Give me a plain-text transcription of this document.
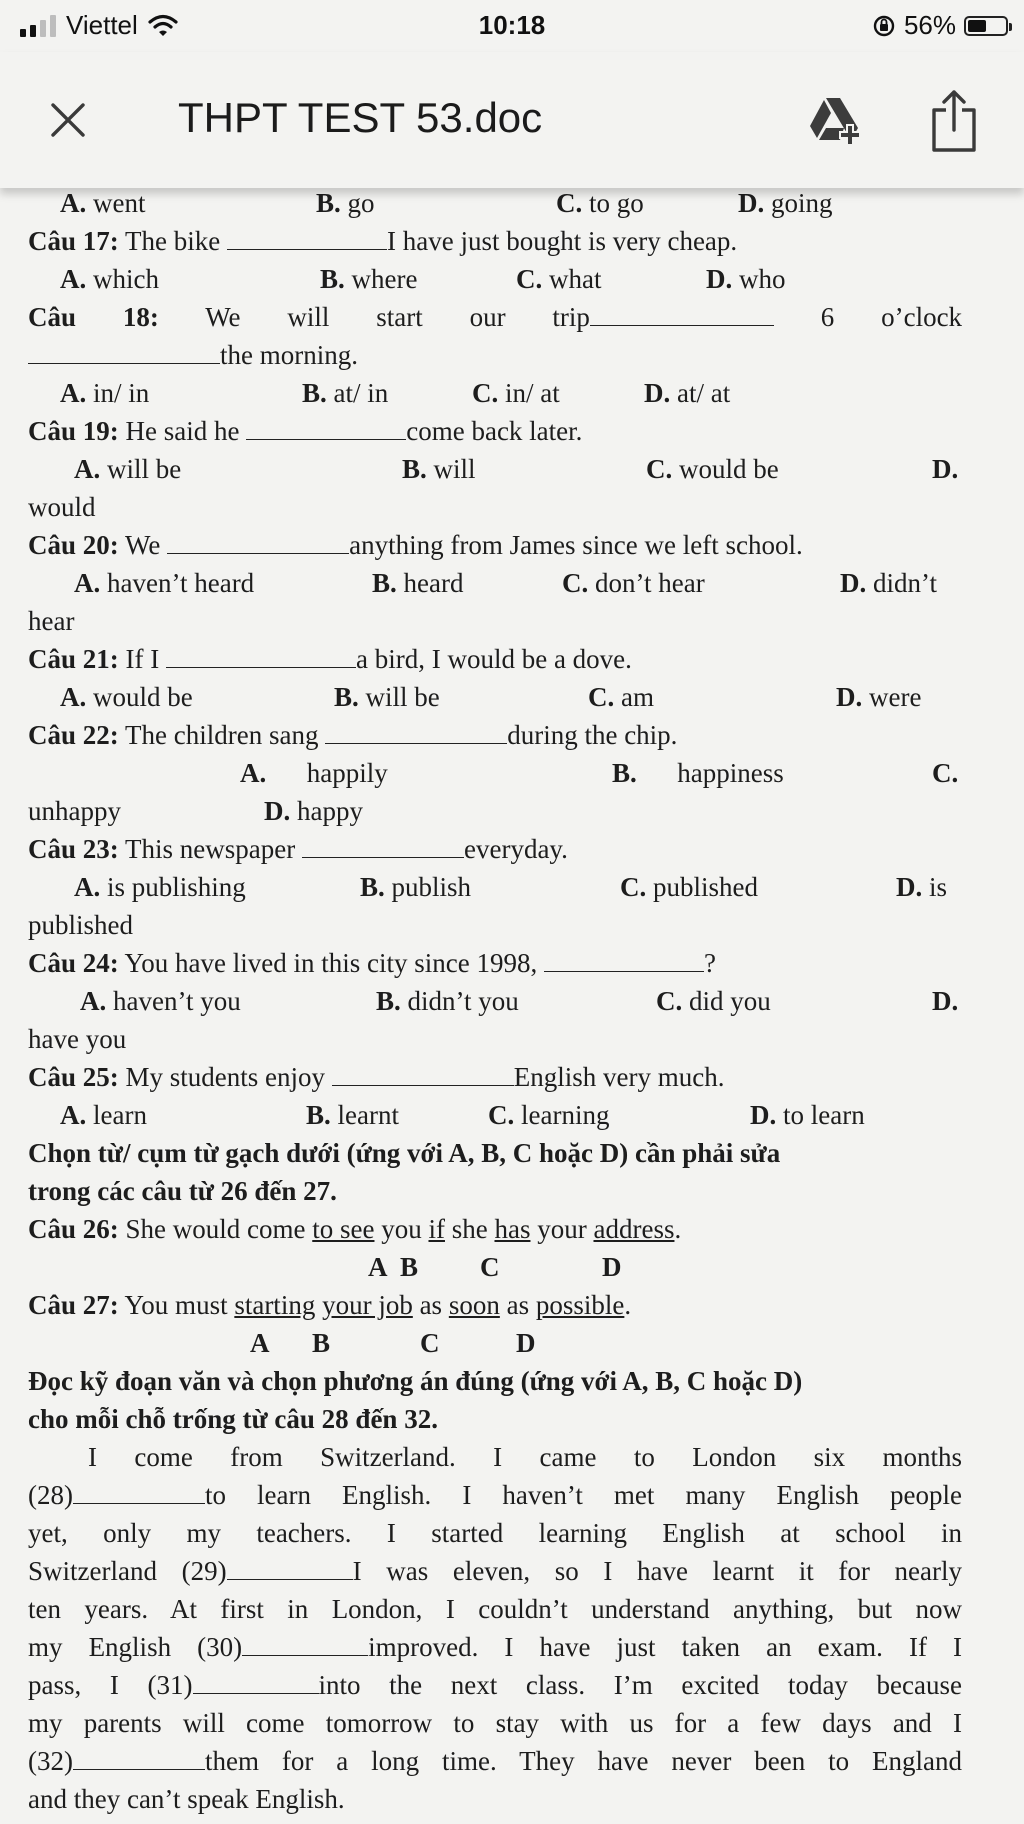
Viettel	10:18	56%
THPT TEST 53.doc
A. went	B. go	C. to go	D. going
Câu 17: The bike	I have just bought is very cheap.
A. which	B. where	C. what	D. who
Câu 18: We will start our trip	6 o’clock
the morning.
A. in/ in	B. at/ in	C. in/ at	D. at/ at
Câu 19: He said he	come back later.
A. will be	B. will	C. would be	D.
would
Câu 20: We	anything from James since we left school.
A. haven’t heard	B. heard	C. don’t hear	D. didn’t
hear
Câu 21: If I	a bird, I would be a dove.
A. would be	B. will be	C. am	D. were
Câu 22: The children sang	during the chip.
A. happily	B. happiness	C.
unhappy	D. happy
Câu 23: This newspaper	everyday.
A. is publishing	B. publish	C. published	D. is
published
Câu 24: You have lived in this city since 1998,	?
A. haven’t you	B. didn’t you	C. did you	D.
have you
Câu 25: My students enjoy	English very much.
A. learn	B. learnt	C. learning	D. to learn
Chọn từ/ cụm từ gạch dưới (ứng với A, B, C hoặc D) cần phải sửa
trong các câu từ 26 đến 27.
Câu 26: She would come to see you if she has your address.
A B C	D
Câu 27: You must starting your job as soon as possible.
A B	C	D
Đọc kỹ đoạn văn và chọn phương án đúng (ứng với A, B, C hoặc D)
cho mỗi chỗ trống từ câu 28 đến 32.
I come from Switzerland. I came to London six months
(28)	to learn English. I haven’t met many English people
yet, only my teachers. I started learning English at school in
Switzerland (29)	I was eleven, so I have learnt it for nearly
ten years. At first in London, I couldn’t understand anything, but now
my English (30)	improved. I have just taken an exam. If I
pass, I (31)	into the next class. I’m excited today because
my parents will come tomorrow to stay with us for a few days and I
(32)	them for a long time. They have never been to England
and they can’t speak English.
